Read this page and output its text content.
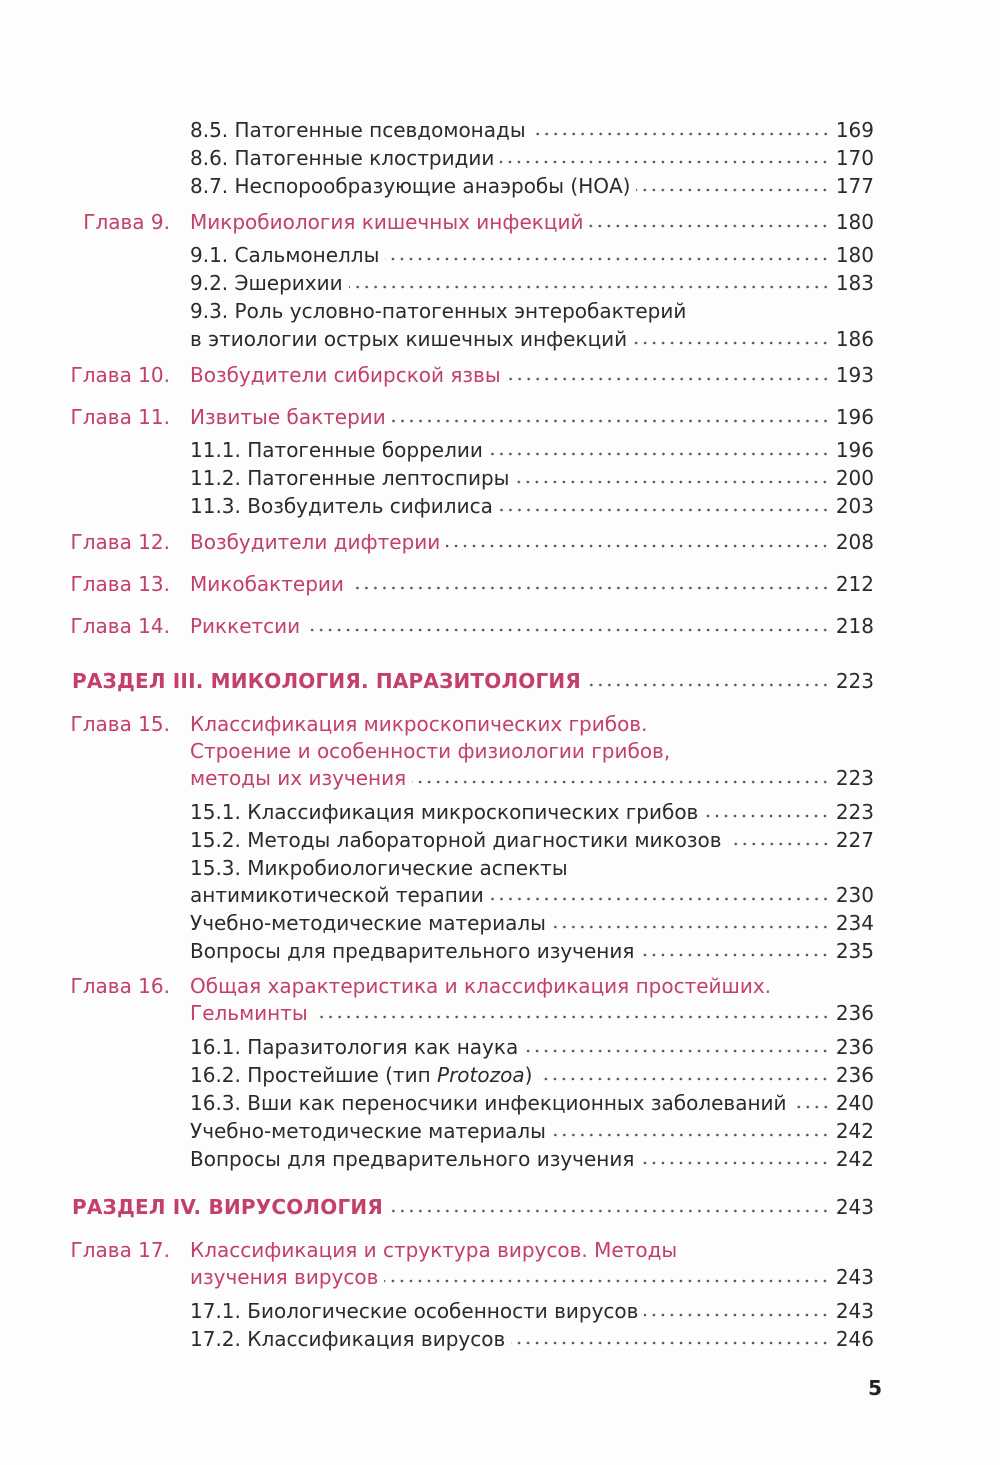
8.5. Патогенные псевдомонады	169
8.6. Патогенные клостридии	170
8.7. Неспорообразующие анаэробы (НОА)	177
Глава 9. Микробиология кишечных инфекций	180
9.1. Сальмонеллы	180
9.2. Эшерихии	183
9.3. Роль условно-патогенных энтеробактерий
в этиологии острых кишечных инфекций	186
Глава 10. Возбудители сибирской язвы	193
Глава 11. Извитые бактерии	196
11.1. Патогенные боррелии	196
11.2. Патогенные лептоспиры	200
11.3. Возбудитель сифилиса	203
Глава 12. Возбудители дифтерии	208
Глава 13. Микобактерии	212
Глава 14. Риккетсии	218
РАЗДЕЛ III. МИКОЛОГИЯ. ПАРАЗИТОЛОГИЯ	223
Глава 15. Классификация микроскопических грибов.
Строение и особенности физиологии грибов,
методы их изучения	223
15.1. Классификация микроскопических грибов	223
15.2. Методы лабораторной диагностики микозов	227
15.3. Микробиологические аспекты
антимикотической терапии	230
Учебно-методические материалы	234
Вопросы для предварительного изучения	235
Глава 16. Общая характеристика и классификация простейших.
Гельминты	236
16.1. Паразитология как наука	236
16.2. Простейшие (тип Protozoa)	236
16.3. Вши как переносчики инфекционных заболеваний 240
Учебно-методические материалы	242
Вопросы для предварительного изучения	242
РАЗДЕЛ IV. ВИРУСОЛОГИЯ	243
Глава 17. Классификация и структура вирусов. Методы
изучения вирусов	243
17.1. Биологические особенности вирусов	243
17.2. Классификация вирусов	246
5
